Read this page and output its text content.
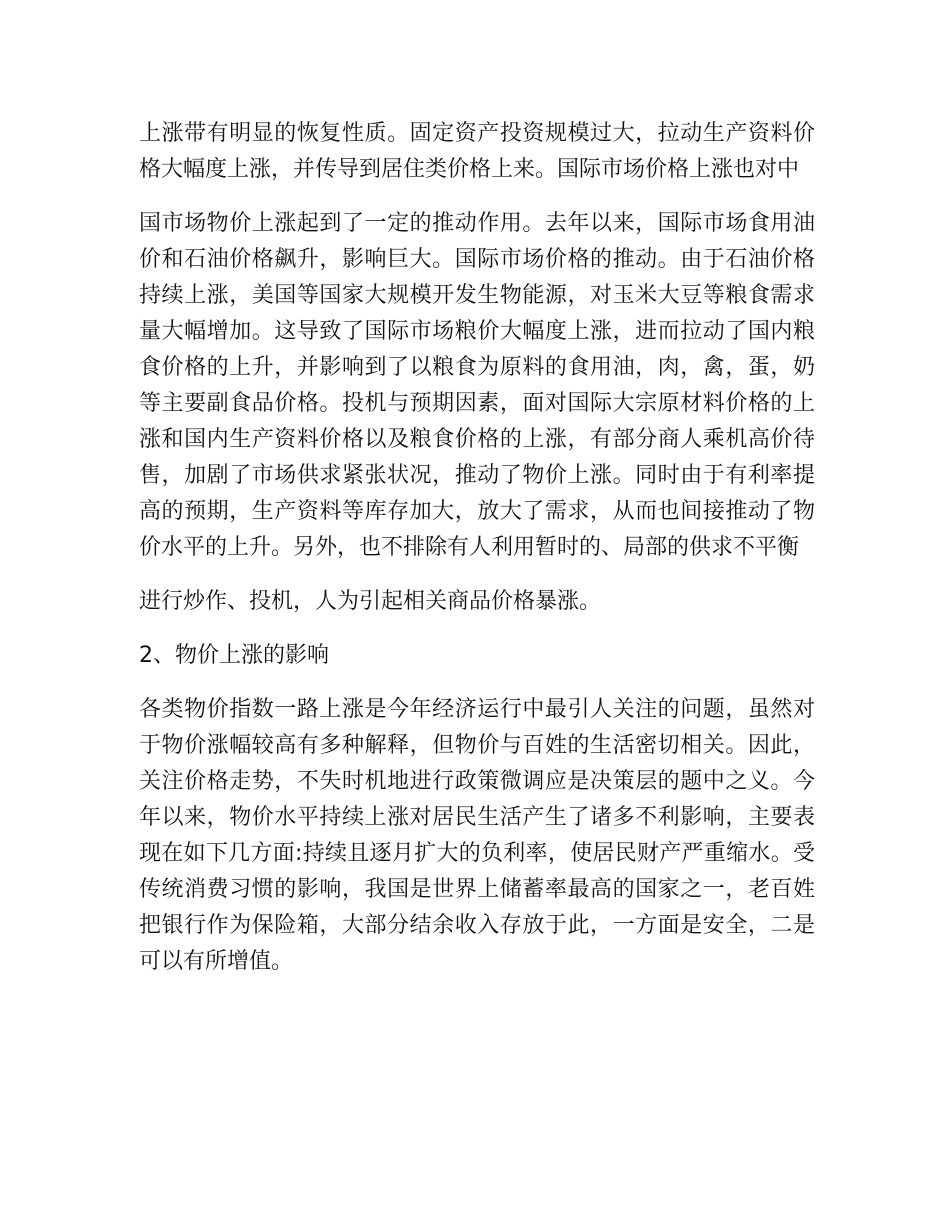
上涨带有明显的恢复性质。固定资产投资规模过大，拉动生产资料价格大幅度上涨，并传导到居住类价格上来。国际市场价格上涨也对中

国市场物价上涨起到了一定的推动作用。去年以来，国际市场食用油价和石油价格飙升，影响巨大。国际市场价格的推动。由于石油价格持续上涨，美国等国家大规模开发生物能源，对玉米大豆等粮食需求量大幅增加。这导致了国际市场粮价大幅度上涨，进而拉动了国内粮食价格的上升，并影响到了以粮食为原料的食用油，肉，禽，蛋，奶等主要副食品价格。投机与预期因素，面对国际大宗原材料价格的上涨和国内生产资料价格以及粮食价格的上涨，有部分商人乘机高价待售，加剧了市场供求紧张状况，推动了物价上涨。同时由于有利率提高的预期，生产资料等库存加大，放大了需求，从而也间接推动了物价水平的上升。另外，也不排除有人利用暂时的、局部的供求不平衡

进行炒作、投机，人为引起相关商品价格暴涨。

2、物价上涨的影响

各类物价指数一路上涨是今年经济运行中最引人关注的问题，虽然对于物价涨幅较高有多种解释，但物价与百姓的生活密切相关。因此，关注价格走势，不失时机地进行政策微调应是决策层的题中之义。今年以来，物价水平持续上涨对居民生活产生了诸多不利影响，主要表现在如下几方面:持续且逐月扩大的负利率，使居民财产严重缩水。受传统消费习惯的影响，我国是世界上储蓄率最高的国家之一，老百姓把银行作为保险箱，大部分结余收入存放于此，一方面是安全，二是可以有所增值。
